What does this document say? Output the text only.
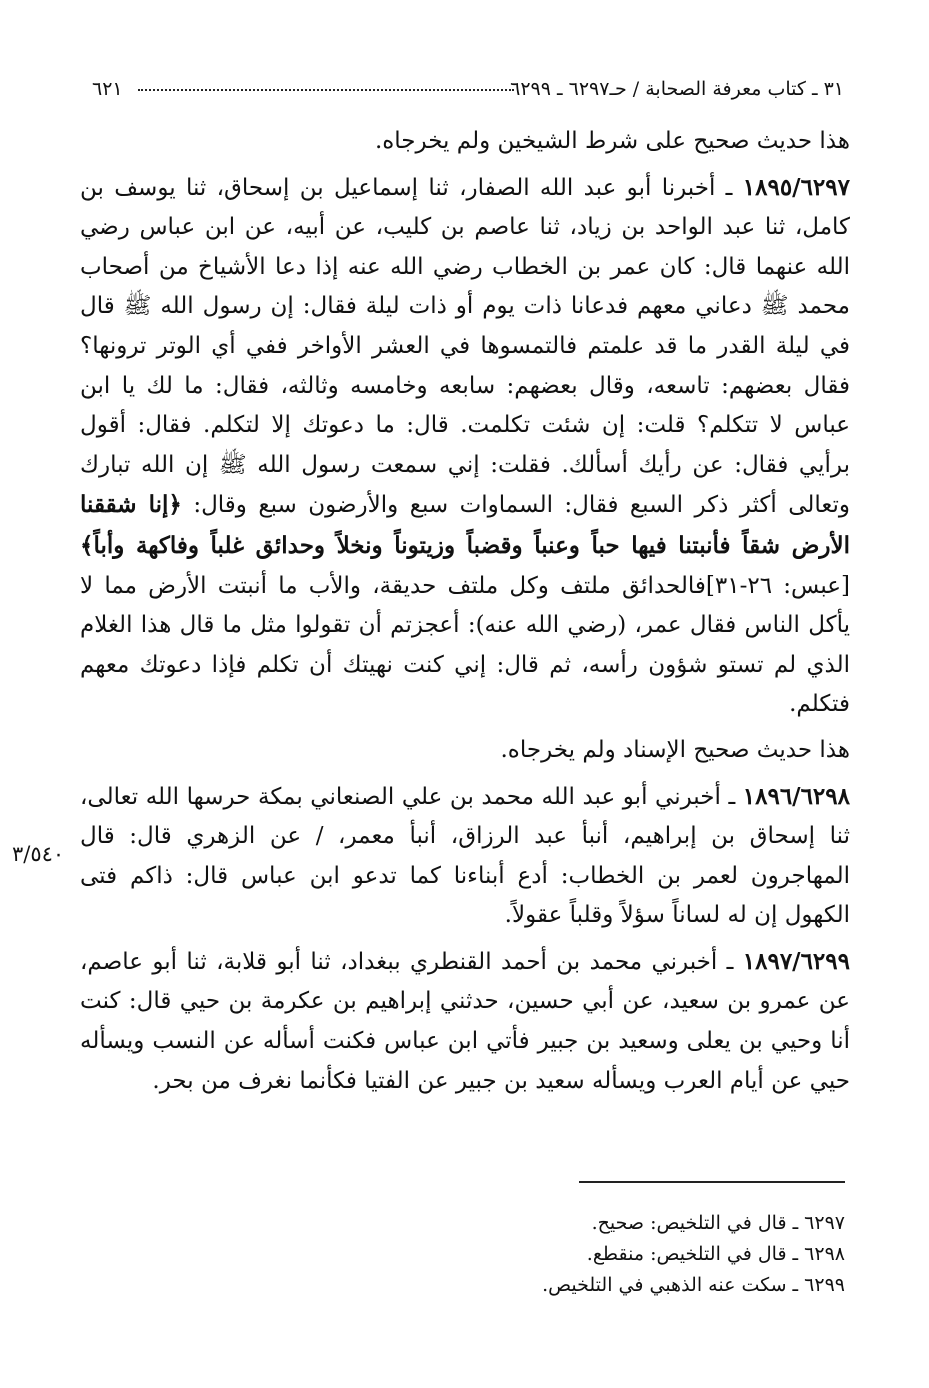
٣١ ـ كتاب معرفة الصحابة / حـ٦٢٩٧ ـ ٦٢٩٩
٦٢١

هذا حديث صحيح على شرط الشيخين ولم يخرجاه.

١٨٩٥/٦٢٩٧ ـ أخبرنا أبو عبد الله الصفار، ثنا إسماعيل بن إسحاق، ثنا يوسف بن كامل، ثنا عبد الواحد بن زياد، ثنا عاصم بن كليب، عن أبيه، عن ابن عباس رضي الله عنهما قال: كان عمر بن الخطاب رضي الله عنه إذا دعا الأشياخ من أصحاب محمد ﷺ دعاني معهم فدعانا ذات يوم أو ذات ليلة فقال: إن رسول الله ﷺ قال في ليلة القدر ما قد علمتم فالتمسوها في العشر الأواخر ففي أي الوتر ترونها؟ فقال بعضهم: تاسعه، وقال بعضهم: سابعه وخامسه وثالثه، فقال: ما لك يا ابن عباس لا تتكلم؟ قلت: إن شئت تكلمت. قال: ما دعوتك إلا لتكلم. فقال: أقول برأيي فقال: عن رأيك أسألك. فقلت: إني سمعت رسول الله ﷺ إن الله تبارك وتعالى أكثر ذكر السبع فقال: السماوات سبع والأرضون سبع وقال: ﴿إنا شققنا الأرض شقاً فأنبتنا فيها حباً وعنباً وقضباً وزيتوناً ونخلاً وحدائق غلباً وفاكهة وأباً﴾ [عبس: ٢٦-٣١]فالحدائق ملتف وكل ملتف حديقة، والأب ما أنبتت الأرض مما لا يأكل الناس فقال عمر، (رضي الله عنه): أعجزتم أن تقولوا مثل ما قال هذا الغلام الذي لم تستو شؤون رأسه، ثم قال: إني كنت نهيتك أن تكلم فإذا دعوتك معهم فتكلم.

هذا حديث صحيح الإسناد ولم يخرجاه.

١٨٩٦/٦٢٩٨ ـ أخبرني أبو عبد الله محمد بن علي الصنعاني بمكة حرسها الله تعالى، ثنا إسحاق بن إبراهيم، أنبأ عبد الرزاق، أنبأ معمر، / عن الزهري قال: قال المهاجرون لعمر بن الخطاب: أدع أبناءنا كما تدعو ابن عباس قال: ذاكم فتى الكهول إن له لساناً سؤلاً وقلباً عقولاً.

١٨٩٧/٦٢٩٩ ـ أخبرني محمد بن أحمد القنطري ببغداد، ثنا أبو قلابة، ثنا أبو عاصم، عن عمرو بن سعيد، عن أبي حسين، حدثني إبراهيم بن عكرمة بن حيي قال: كنت أنا وحيي بن يعلى وسعيد بن جبير فأتي ابن عباس فكنت أسأله عن النسب ويسأله حيي عن أيام العرب ويسأله سعيد بن جبير عن الفتيا فكأنما نغرف من بحر.

٣/٥٤٠
٦٢٩٧ ـ قال في التلخيص: صحيح.
٦٢٩٨ ـ قال في التلخيص: منقطع.
٦٢٩٩ ـ سكت عنه الذهبي في التلخيص.
